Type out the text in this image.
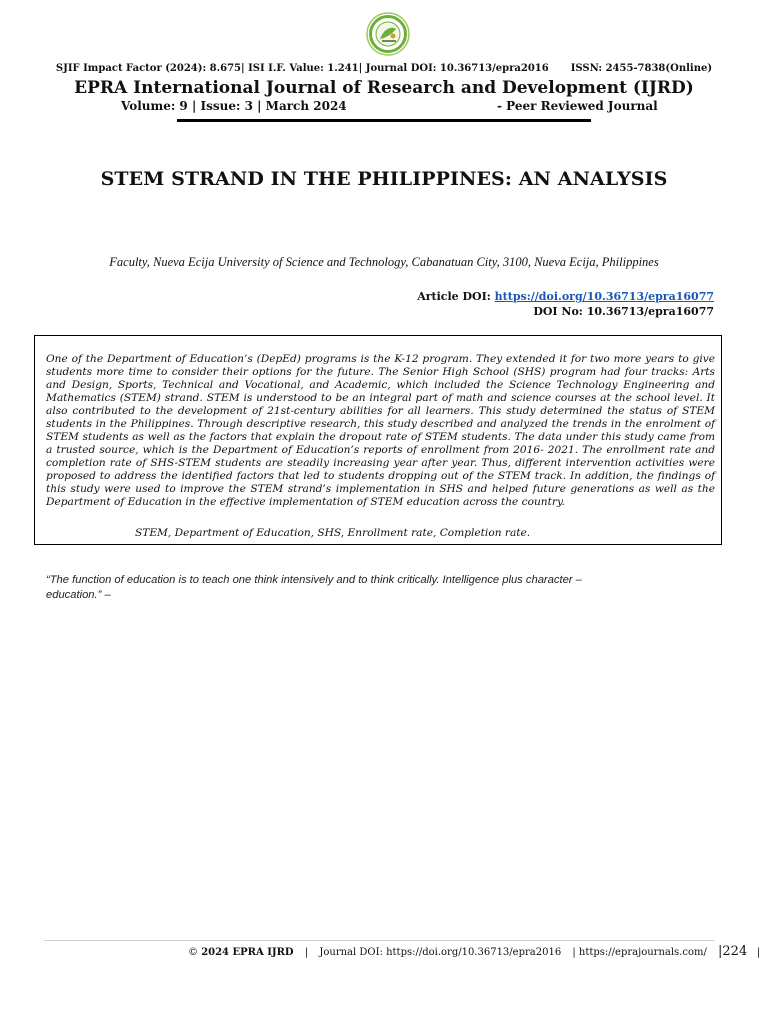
SJIF Impact Factor (2024): 8.675| ISI I.F. Value: 1.241| Journal DOI: 10.36713/epra2016 ISSN: 2455-7838(Online)
EPRA International Journal of Research and Development (IJRD)
Volume: 9 | Issue: 3 | March 2024	- Peer Reviewed Journal
STEM STRAND IN THE PHILIPPINES: AN ANALYSIS
Faculty, Nueva Ecija University of Science and Technology, Cabanatuan City, 3100, Nueva Ecija, Philippines
Article DOI: https://doi.org/10.36713/epra16077
DOI No: 10.36713/epra16077
One of the Department of Education’s (DepEd) programs is the K-12 program. They extended it for two more years to give students more time to consider their options for the future. The Senior High School (SHS) program had four tracks: Arts and Design, Sports, Technical and Vocational, and Academic, which included the Science Technology Engineering and Mathematics (STEM) strand. STEM is understood to be an integral part of math and science courses at the school level. It also contributed to the development of 21st-century abilities for all learners. This study determined the status of STEM students in the Philippines. Through descriptive research, this study described and analyzed the trends in the enrolment of STEM students as well as the factors that explain the dropout rate of STEM students. The data under this study came from a trusted source, which is the Department of Education’s reports of enrollment from 2016- 2021. The enrollment rate and completion rate of SHS-STEM students are steadily increasing year after year. Thus, different intervention activities were proposed to address the identified factors that led to students dropping out of the STEM track. In addition, the findings of this study were used to improve the STEM strand’s implementation in SHS and helped future generations as well as the Department of Education in the effective implementation of STEM education across the country.
STEM, Department of Education, SHS, Enrollment rate, Completion rate.
“The function of education is to teach one think intensively and to think critically. Intelligence plus character – education.” –
© 2024 EPRA IJRD | Journal DOI: https://doi.org/10.36713/epra2016 | https://eprajournals.com/ |224   |
